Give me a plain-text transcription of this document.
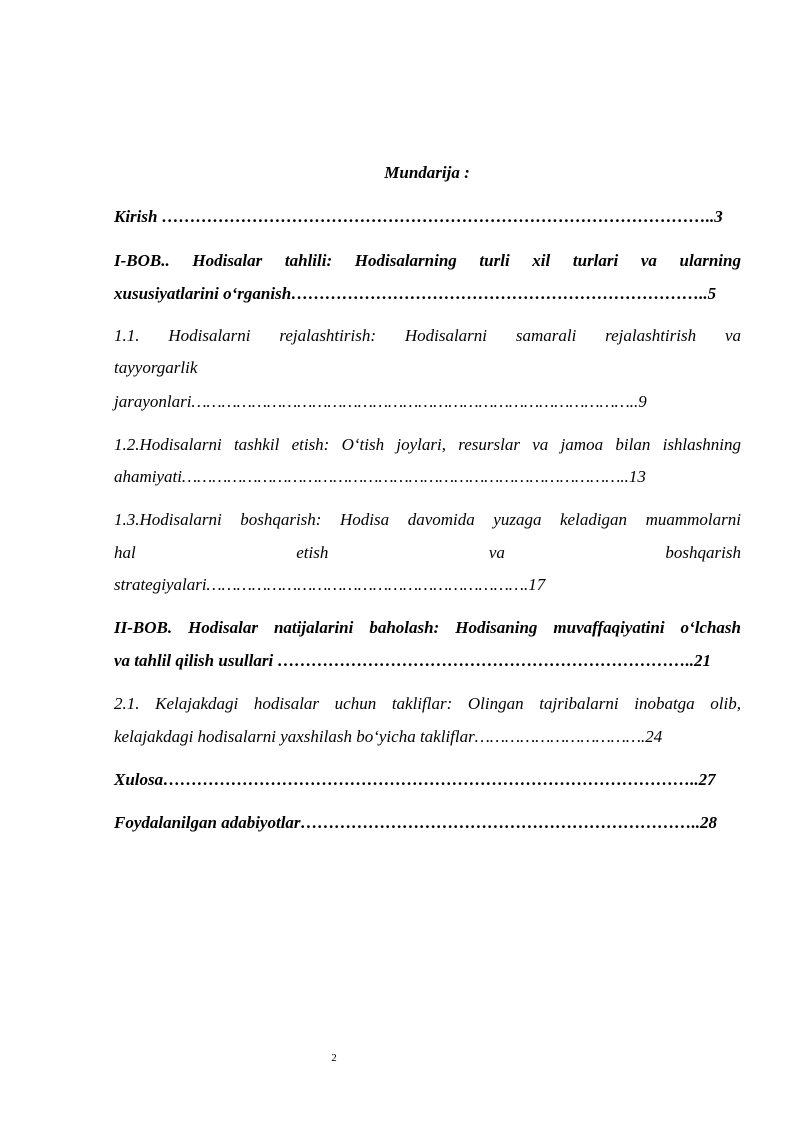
Mundarija :
Kirish ……………………………………………………………………………………..3
I-BOB.. Hodisalar tahlili: Hodisalarning turli xil turlari va ularning
xususiyatlarini o‘rganish………………………………………………………………..5
1.1. Hodisalarni rejalashtirish: Hodisalarni samarali rejalashtirish va
tayyorgarlik
jarayonlari……………………………………………………………………………..9
1.2.Hodisalarni tashkil etish: O‘tish joylari, resurslar va jamoa bilan ishlashning
ahamiyati……………………………………………………………………………..13
1.3.Hodisalarni boshqarish: Hodisa davomida yuzaga keladigan muammolarni
hal etish va boshqarish
strategiyalari……………………………………………………….17
II-BOB. Hodisalar natijalarini baholash: Hodisaning muvaffaqiyatini o‘lchash
va tahlil qilish usullari ………………………………………………………………..21
2.1. Kelajakdagi hodisalar uchun takliflar: Olingan tajribalarni inobatga olib,
kelajakdagi hodisalarni yaxshilash bo‘yicha takliflar…………………………….24
Xulosa…………………………………………………………………………………..27
Foydalanilgan adabiyotlar……………………………………………………………..28
2
